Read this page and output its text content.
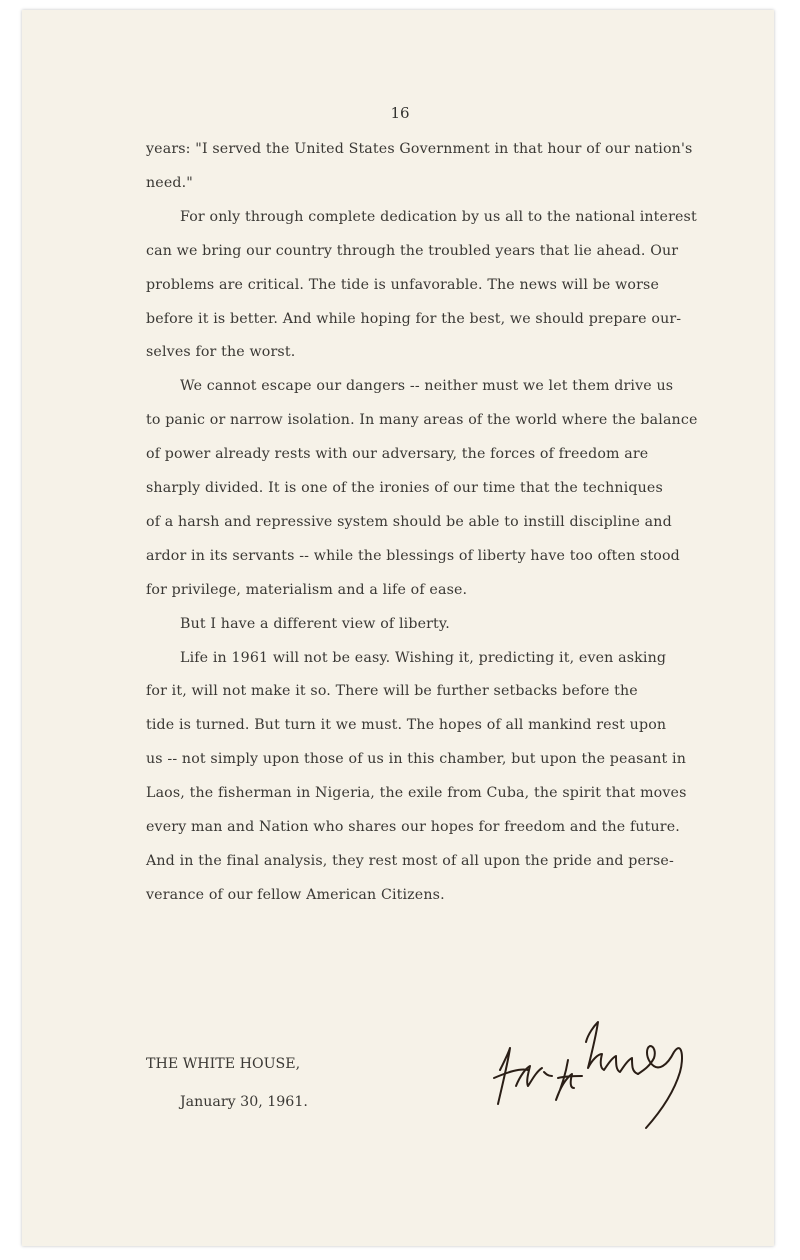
16
years: "I served the United States Government in that hour of our nation's
need."
For only through complete dedication by us all to the national interest
can we bring our country through the troubled years that lie ahead. Our
problems are critical. The tide is unfavorable. The news will be worse
before it is better. And while hoping for the best, we should prepare our-
selves for the worst.
We cannot escape our dangers -- neither must we let them drive us
to panic or narrow isolation. In many areas of the world where the balance
of power already rests with our adversary, the forces of freedom are
sharply divided. It is one of the ironies of our time that the techniques
of a harsh and repressive system should be able to instill discipline and
ardor in its servants -- while the blessings of liberty have too often stood
for privilege, materialism and a life of ease.
But I have a different view of liberty.
Life in 1961 will not be easy. Wishing it, predicting it, even asking
for it, will not make it so. There will be further setbacks before the
tide is turned. But turn it we must. The hopes of all mankind rest upon
us -- not simply upon those of us in this chamber, but upon the peasant in
Laos, the fisherman in Nigeria, the exile from Cuba, the spirit that moves
every man and Nation who shares our hopes for freedom and the future.
And in the final analysis, they rest most of all upon the pride and perse-
verance of our fellow American Citizens.
THE WHITE HOUSE,
January 30, 1961.
